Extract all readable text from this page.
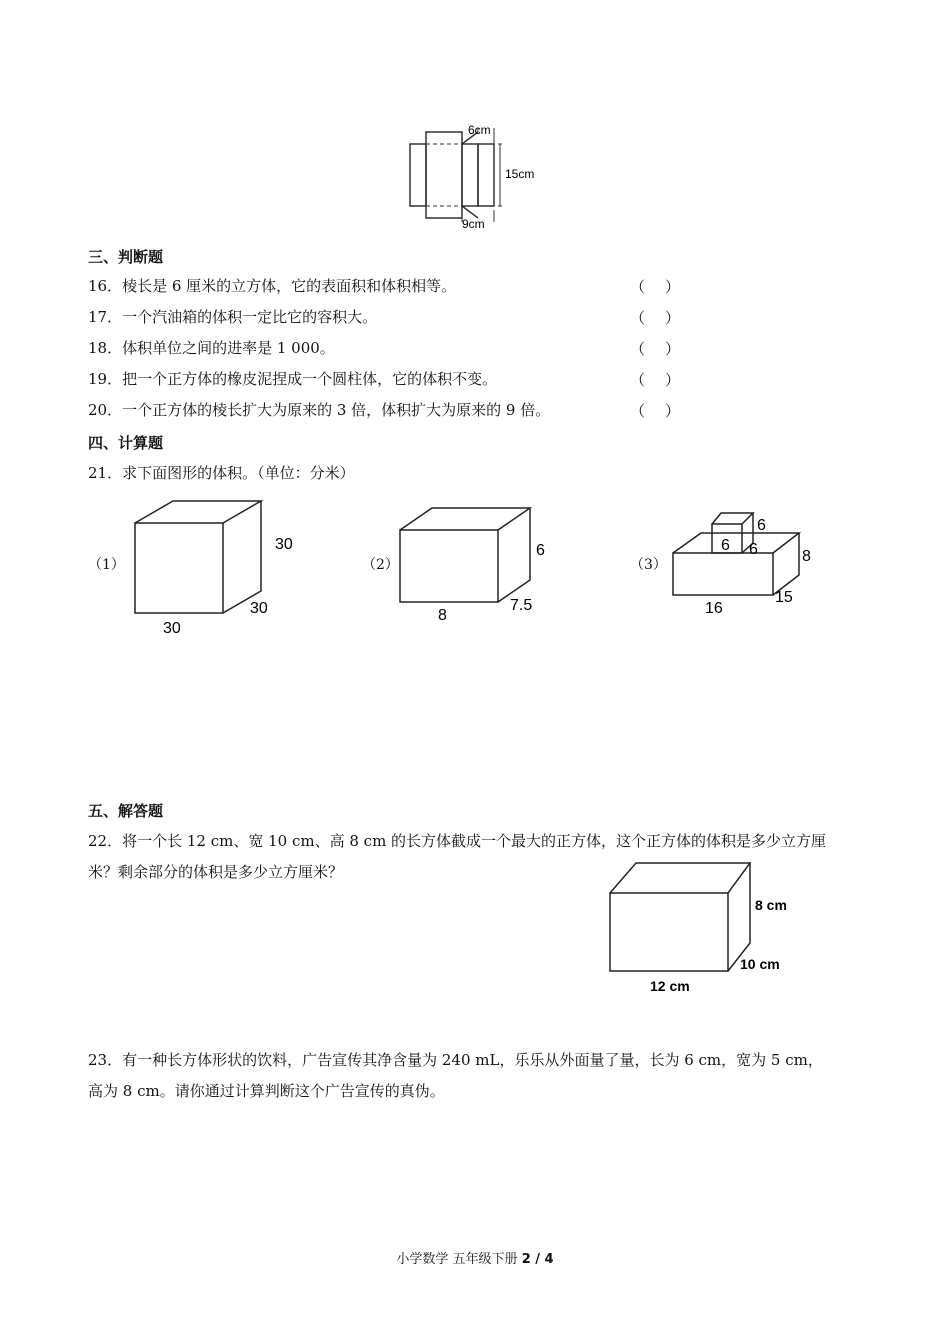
6cm
15cm
9cm
三、判断题
16．棱长是 6 厘米的立方体，它的表面积和体积相等。	（ ）
17．一个汽油箱的体积一定比它的容积大。	（ ）
18．体积单位之间的进率是 1 000。	（ ）
19．把一个正方体的橡皮泥捏成一个圆柱体，它的体积不变。	（ ）
20．一个正方体的棱长扩大为原来的 3 倍，体积扩大为原来的 9 倍。	（ ）
四、计算题
21．求下面图形的体积。（单位：分米）
（1）
30
30
30
（2）
6
7.5
8
（3）
6
6 6	8
15
16
五、解答题
22．将一个长 12 cm、宽 10 cm、高 8 cm 的长方体截成一个最大的正方体，这个正方体的体积是多少立方厘
米？剩余部分的体积是多少立方厘米？
8 cm
10 cm
12 cm
23．有一种长方体形状的饮料，广告宣传其净含量为 240 mL，乐乐从外面量了量，长为 6 cm，宽为 5 cm，
高为 8 cm。请你通过计算判断这个广告宣传的真伪。
小学数学 五年级下册 2 / 4
